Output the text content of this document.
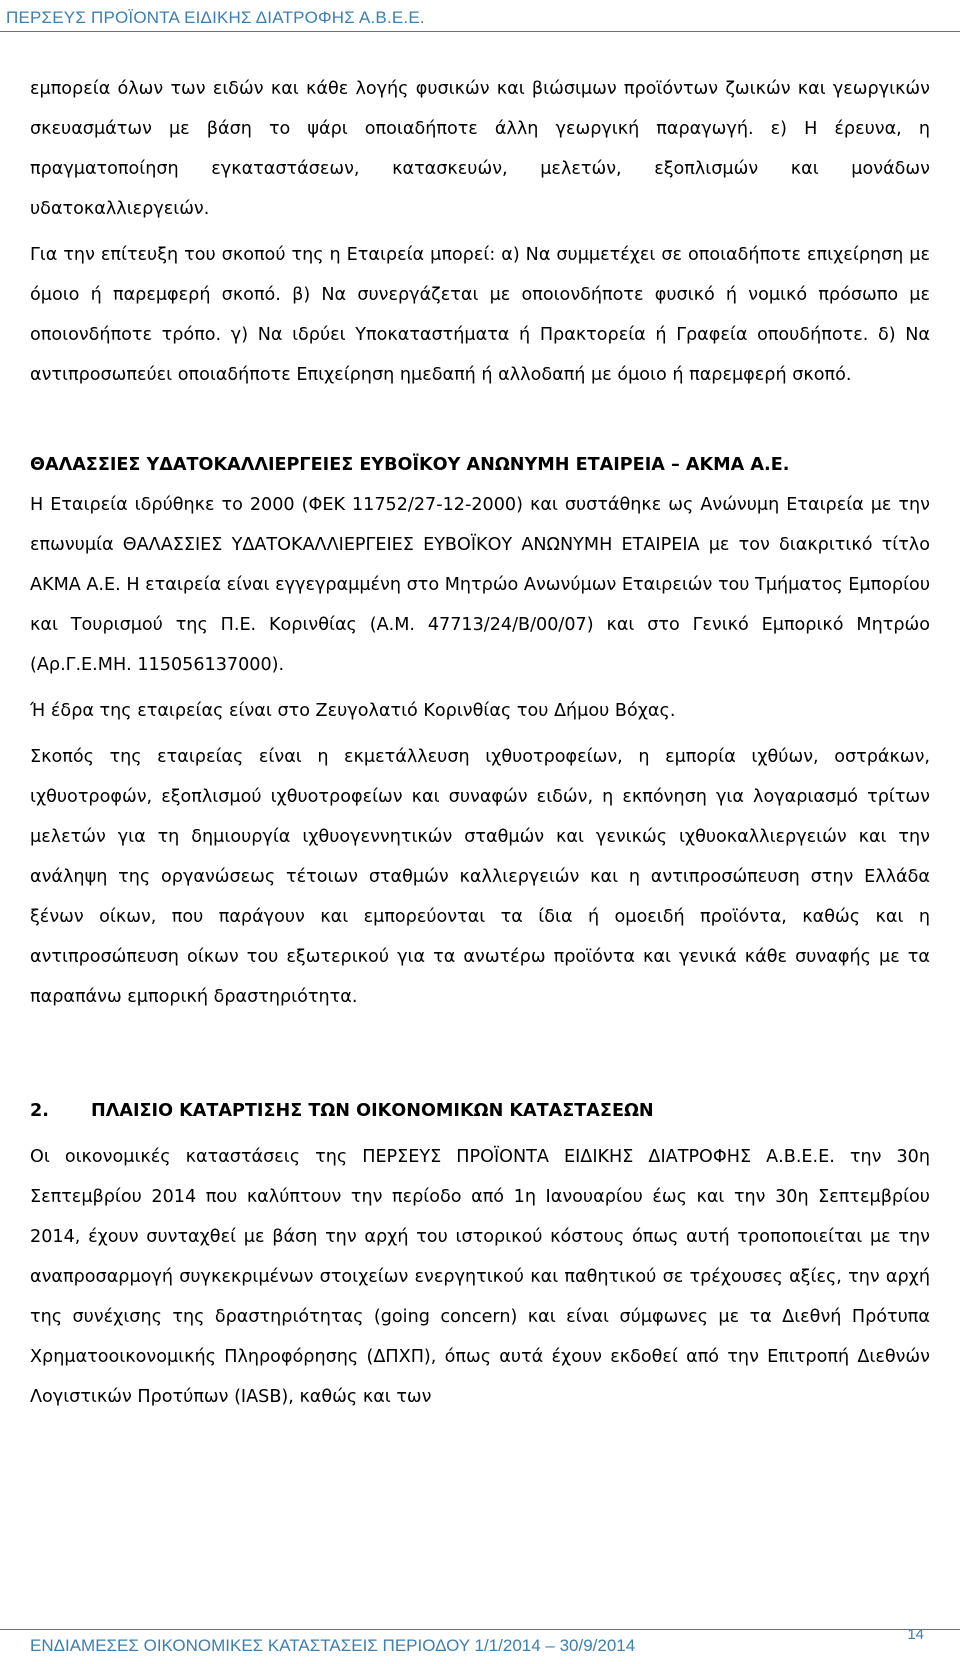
ΠΕΡΣΕΥΣ ΠΡΟΪΟΝΤΑ ΕΙΔΙΚΗΣ ΔΙΑΤΡΟΦΗΣ Α.Β.Ε.Ε.

εμπορεία όλων των ειδών και κάθε λογής φυσικών και βιώσιμων προϊόντων ζωικών και γεωργικών σκευασμάτων με βάση το ψάρι οποιαδήποτε άλλη γεωργική παραγωγή. ε) Η έρευνα, η πραγματοποίηση εγκαταστάσεων, κατασκευών, μελετών, εξοπλισμών και μονάδων υδατοκαλλιεργειών.

Για την επίτευξη του σκοπού της η Εταιρεία μπορεί: α) Να συμμετέχει σε οποιαδήποτε επιχείρηση με όμοιο ή παρεμφερή σκοπό. β) Να συνεργάζεται με οποιονδήποτε φυσικό ή νομικό πρόσωπο με οποιονδήποτε τρόπο. γ) Να ιδρύει Υποκαταστήματα ή Πρακτορεία ή Γραφεία οπουδήποτε. δ) Να αντιπροσωπεύει οποιαδήποτε Επιχείρηση ημεδαπή ή αλλοδαπή με όμοιο ή παρεμφερή σκοπό.

ΘΑΛΑΣΣΙΕΣ ΥΔΑΤΟΚΑΛΛΙΕΡΓΕΙΕΣ ΕΥΒΟΪΚΟΥ ΑΝΩΝΥΜΗ ΕΤΑΙΡΕΙΑ – ΑΚΜΑ Α.Ε.

Η Εταιρεία ιδρύθηκε το 2000 (ΦΕΚ 11752/27-12-2000) και συστάθηκε ως Ανώνυμη Εταιρεία με την επωνυμία ΘΑΛΑΣΣΙΕΣ ΥΔΑΤΟΚΑΛΛΙΕΡΓΕΙΕΣ ΕΥΒΟΪΚΟΥ ΑΝΩΝΥΜΗ ΕΤΑΙΡΕΙΑ με τον διακριτικό τίτλο ΑΚΜΑ Α.Ε. Η εταιρεία είναι εγγεγραμμένη στο Μητρώο Ανωνύμων Εταιρειών του Τμήματος Εμπορίου και Τουρισμού της Π.Ε. Κορινθίας (Α.Μ. 47713/24/Β/00/07) και στο Γενικό Εμπορικό Μητρώο (Αρ.Γ.Ε.ΜΗ. 115056137000).

Ή έδρα της εταιρείας είναι στο Ζευγολατιό Κορινθίας του Δήμου Βόχας.

Σκοπός της εταιρείας είναι η εκμετάλλευση ιχθυοτροφείων, η εμπορία ιχθύων, οστράκων, ιχθυοτροφών, εξοπλισμού ιχθυοτροφείων και συναφών ειδών, η εκπόνηση για λογαριασμό τρίτων μελετών για τη δημιουργία ιχθυογεννητικών σταθμών και γενικώς ιχθυοκαλλιεργειών και την ανάληψη της οργανώσεως τέτοιων σταθμών καλλιεργειών και η αντιπροσώπευση στην Ελλάδα ξένων οίκων, που παράγουν και εμπορεύονται τα ίδια ή ομοειδή προϊόντα, καθώς και η αντιπροσώπευση οίκων του εξωτερικού για τα ανωτέρω προϊόντα και γενικά κάθε συναφής με τα παραπάνω εμπορική δραστηριότητα.

2. ΠΛΑΙΣΙΟ ΚΑΤΑΡΤΙΣΗΣ ΤΩΝ ΟΙΚΟΝΟΜΙΚΩΝ ΚΑΤΑΣΤΑΣΕΩΝ

Οι οικονομικές καταστάσεις της ΠΕΡΣΕΥΣ ΠΡΟΪΟΝΤΑ ΕΙΔΙΚΗΣ ΔΙΑΤΡΟΦΗΣ Α.Β.Ε.Ε. την 30η Σεπτεμβρίου 2014 που καλύπτουν την περίοδο από 1η Ιανουαρίου έως και την 30η Σεπτεμβρίου 2014, έχουν συνταχθεί με βάση την αρχή του ιστορικού κόστους όπως αυτή τροποποιείται με την αναπροσαρμογή συγκεκριμένων στοιχείων ενεργητικού και παθητικού σε τρέχουσες αξίες, την αρχή της συνέχισης της δραστηριότητας (going concern) και είναι σύμφωνες με τα Διεθνή Πρότυπα Χρηματοοικονομικής Πληροφόρησης (ΔΠΧΠ), όπως αυτά έχουν εκδοθεί από την Επιτροπή Διεθνών Λογιστικών Προτύπων (IASB), καθώς και των

ΕΝΔΙΑΜΕΣΕΣ ΟΙΚΟΝΟΜΙΚΕΣ ΚΑΤΑΣΤΑΣΕΙΣ ΠΕΡΙΟΔΟΥ 1/1/2014 – 30/9/2014
14
